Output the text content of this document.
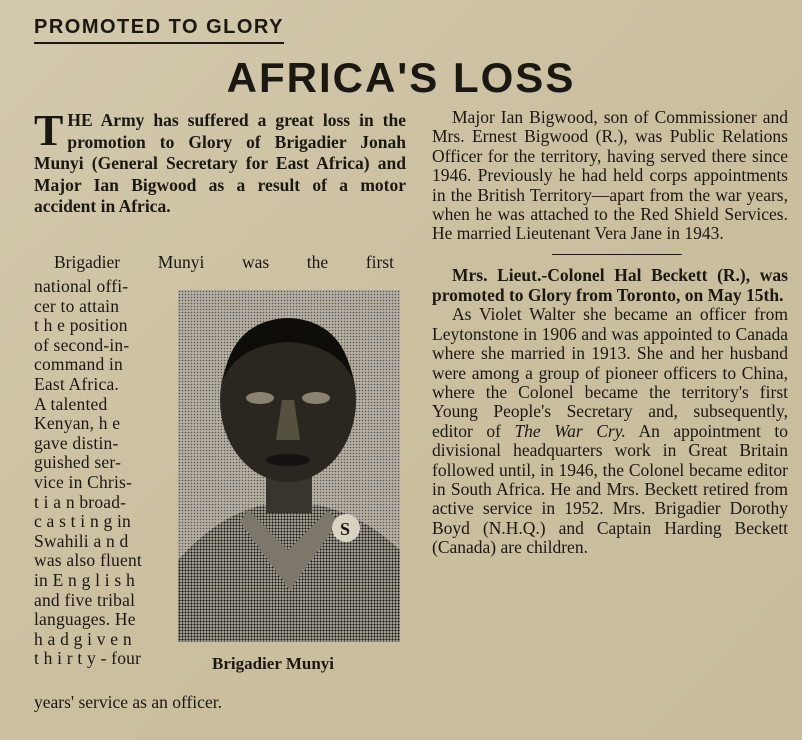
PROMOTED TO GLORY
AFRICA'S LOSS

THE Army has suffered a great loss in the promotion to Glory of Brigadier Jonah Munyi (General Secretary for East Africa) and Major Ian Bigwood as a result of a motor accident in Africa.

Brigadier Munyi was the first
national offi-
cer to attain
t h e position
of second-in-
command in
East Africa.
A talented
Kenyan, h e
gave distin-
guished ser-
vice in Chris-
t i a n broad-
c a s t i n g in
Swahili a n d
was also fluent
in E n g l i s h
and five tribal
languages. He
h a d g i v e n
t h i r t y - four
years' service as an officer.
S
Brigadier Munyi

Major Ian Bigwood, son of Commissioner and Mrs. Ernest Bigwood (R.), was Public Relations Officer for the territory, having served there since 1946. Previously he had held corps appointments in the British Territory—apart from the war years, when he was attached to the Red Shield Services. He married Lieutenant Vera Jane in 1943.

Mrs. Lieut.-Colonel Hal Beckett (R.), was promoted to Glory from Toronto, on May 15th.

As Violet Walter she became an officer from Leytonstone in 1906 and was appointed to Canada where she married in 1913. She and her husband were among a group of pioneer officers to China, where the Colonel became the territory's first Young People's Secretary and, subsequently, editor of The War Cry. An appointment to divisional headquarters work in Great Britain followed until, in 1946, the Colonel became editor in South Africa. He and Mrs. Beckett retired from active service in 1952. Mrs. Brigadier Dorothy Boyd (N.H.Q.) and Captain Harding Beckett (Canada) are children.
